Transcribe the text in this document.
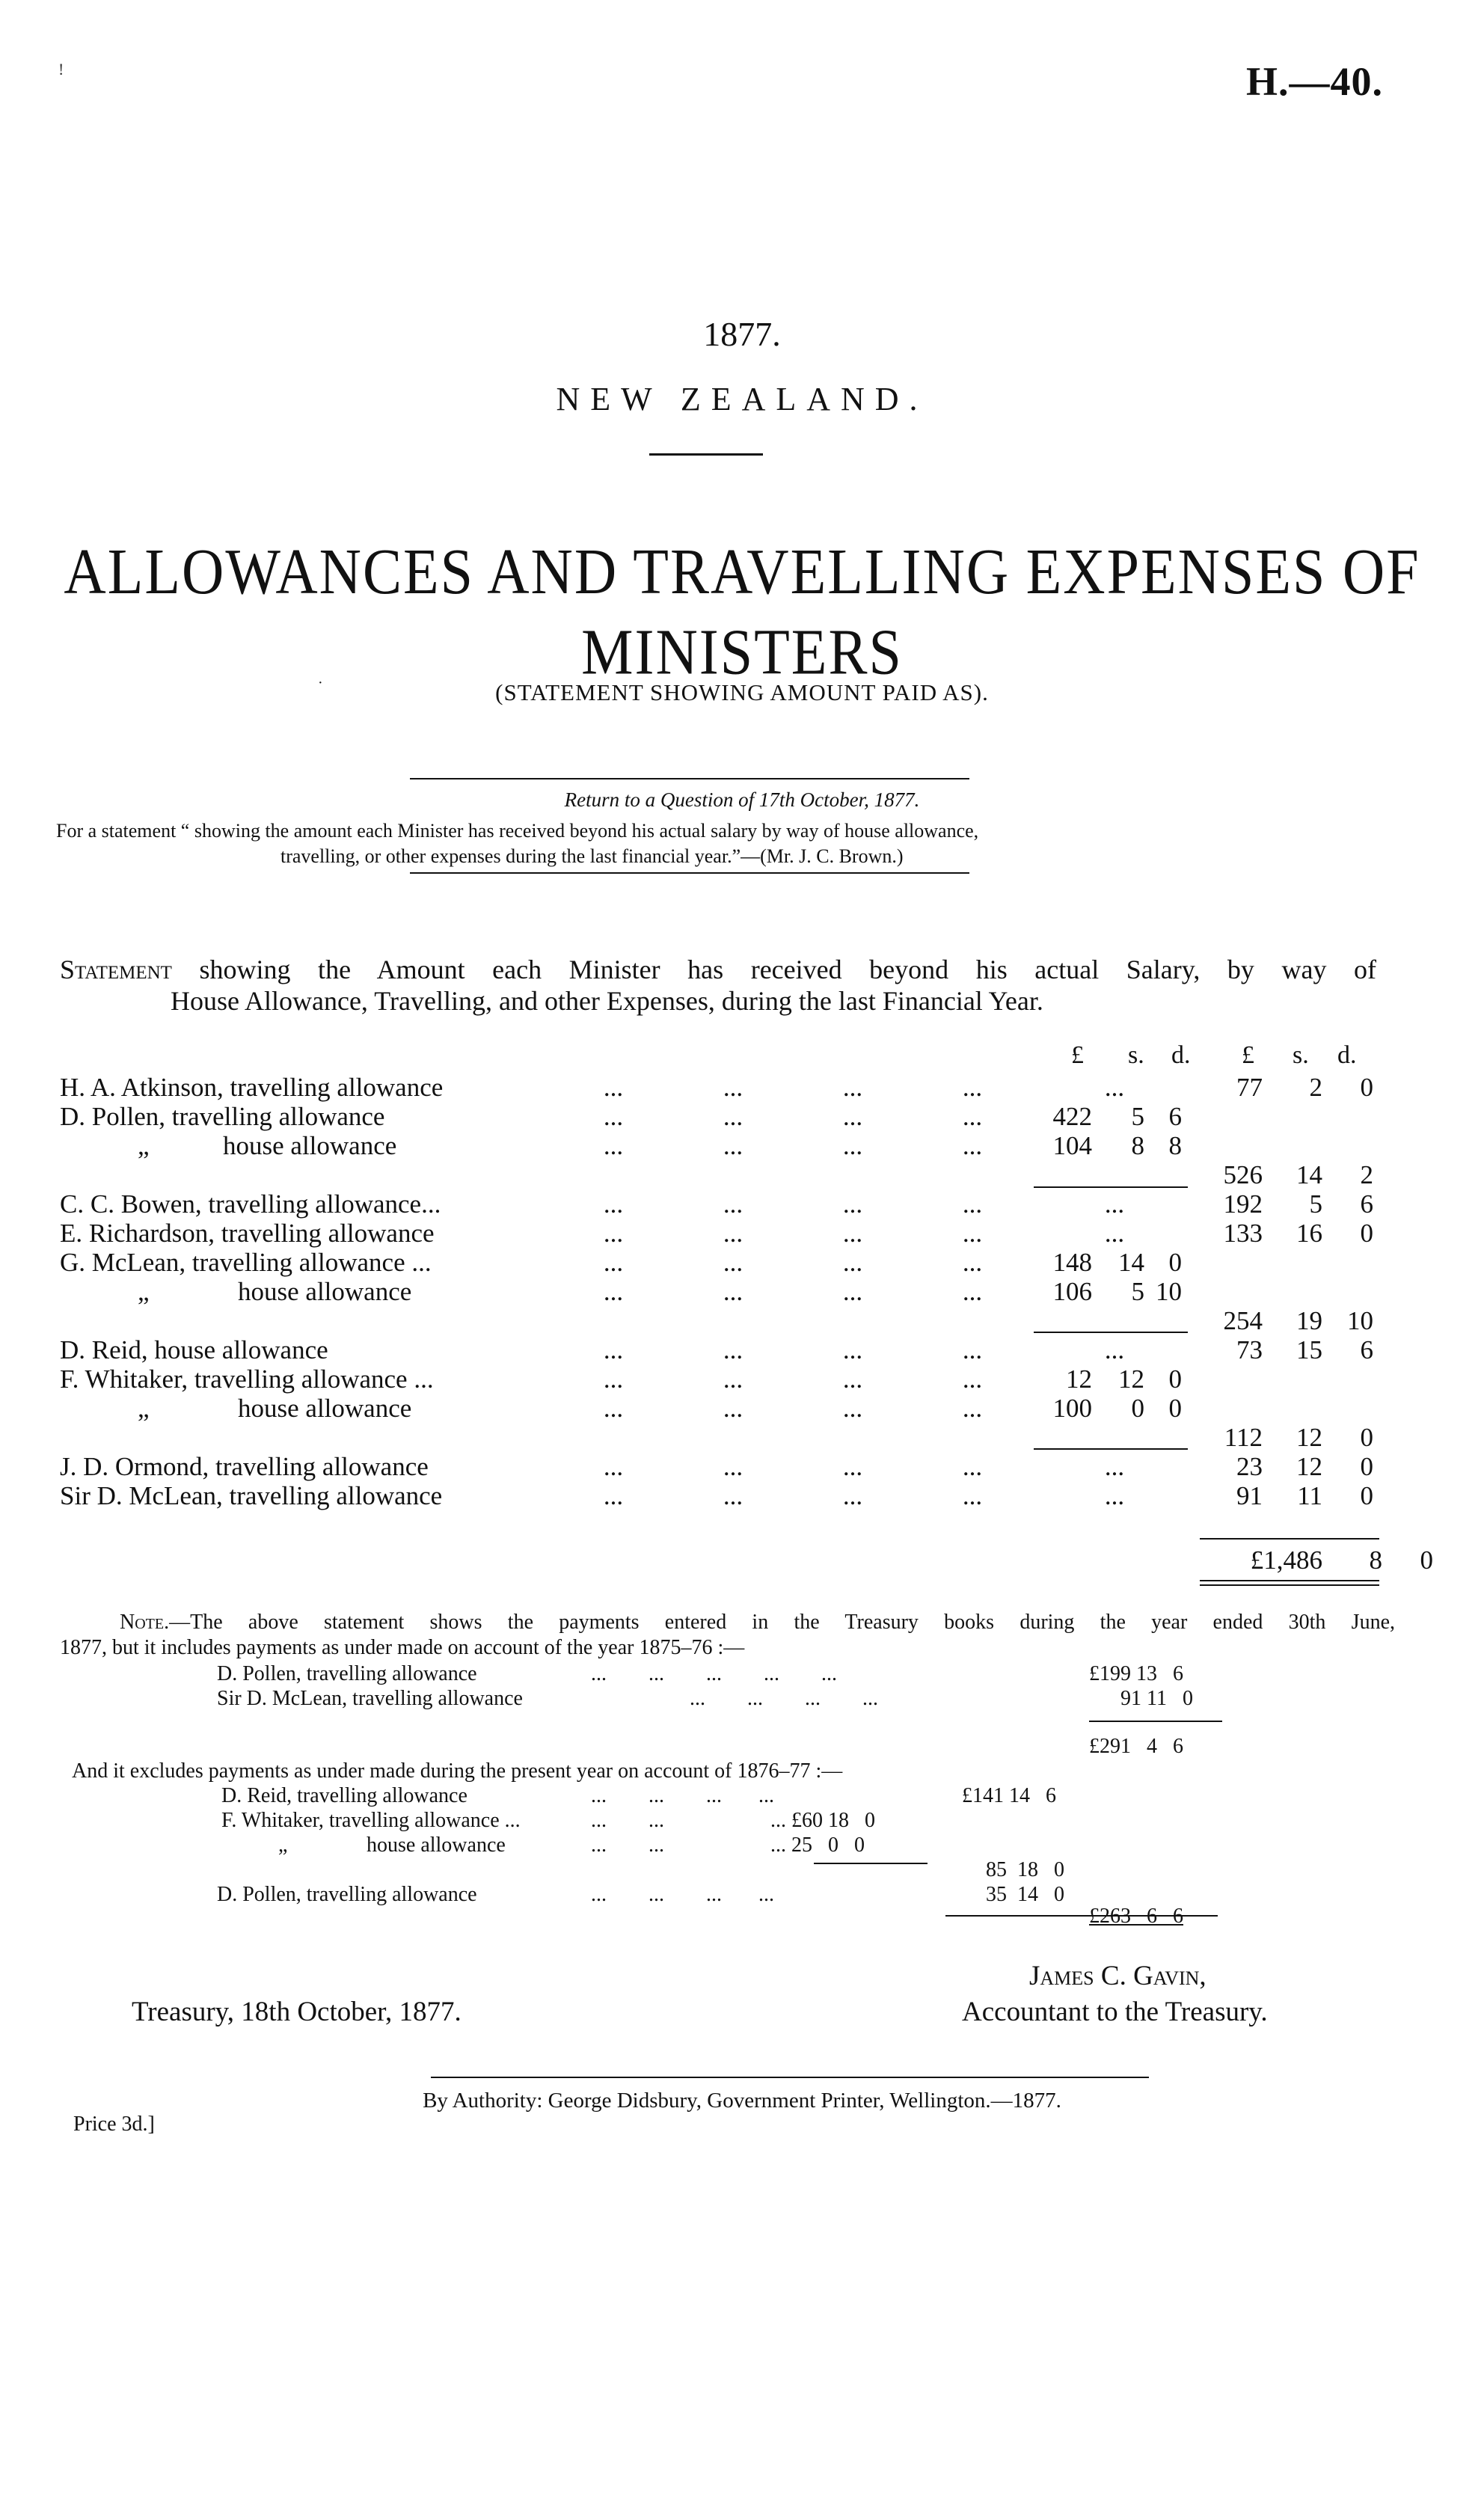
!	H.—40.
1877.
NEW ZEALAND.
ALLOWANCES AND TRAVELLING EXPENSES OF
MINISTERS
·	(STATEMENT SHOWING AMOUNT PAID AS).
Return to a Question of 17th October, 1877.
For a statement “ showing the amount each Minister has received beyond his actual salary by way of house allowance,
travelling, or other expenses during the last financial year.”—(Mr. J. C. Brown.)
Statement showing the Amount each Minister has received beyond his actual Salary, by way of
House Allowance, Travelling, and other Expenses, during the last Financial Year.
£ s. d. £ s. d.
H. A. Atkinson, travelling allowance	...	...	...	...	...	77	2	0
D. Pollen, travelling allowance	...	...	...	...	422	5 6
„	house allowance	...	...	...	...	104	8 8
526	14	2
C. C. Bowen, travelling allowance...	...	...	...	...	...	192	5	6
E. Richardson, travelling allowance	...	...	...	...	...	133	16	0
G. McLean, travelling allowance ...	...	...	...	...	148 14 0
„	house allowance	...	...	...	...	106	5 10
254	19 10
D. Reid, house allowance	...	...	...	...	...	73	15	6
F. Whitaker, travelling allowance ...	...	...	...	...	12 12 0
„	house allowance	...	...	...	...	100	0 0
112	12	0
J. D. Ormond, travelling allowance	...	...	...	...	...	23	12	0
Sir D. McLean, travelling allowance	...	...	...	...	...	91	11	0
£1,486	8	0
Note.—The above statement shows the payments entered in the Treasury books during the year ended 30th June,
1877, but it includes payments as under made on account of the year 1875–76 :—
D. Pollen, travelling allowance	...        ...        ...        ...        ...	£199 13 6
Sir D. McLean, travelling allowance	...        ...        ...        ...	91 11 0
£291 4 6
And it excludes payments as under made during the present year on account of 1876–77 :—
D. Reid, travelling allowance	...        ...        ...       ...	£141 14 6
F. Whitaker, travelling allowance ...	...        ...	... £60 18 0
„	house allowance	...        ...	... 25 0 0
85 18 0
D. Pollen, travelling allowance	...        ...        ...       ...	35 14 0
£263 6 6
James C. Gavin,
Treasury, 18th October, 1877.	Accountant to the Treasury.
By Authority: George Didsbury, Government Printer, Wellington.—1877.
Price 3d.]
